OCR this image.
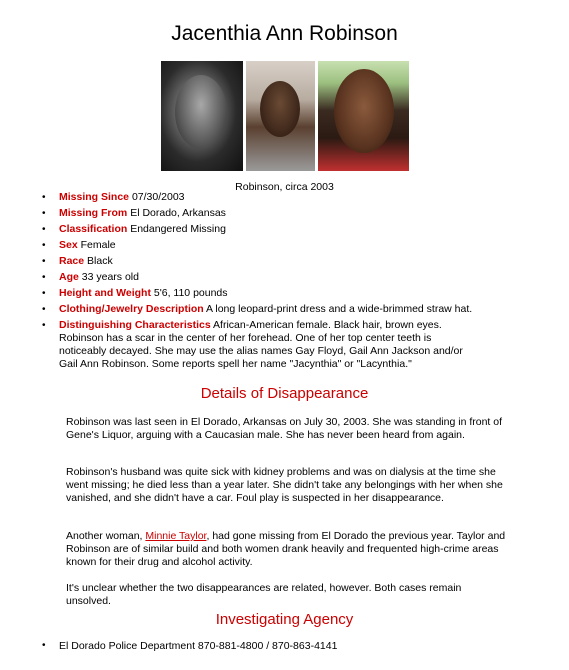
Jacenthia Ann Robinson
Robinson, circa 2003
• Missing Since 07/30/2003
• Missing From El Dorado, Arkansas
• Classification Endangered Missing
• Sex Female
• Race Black
• Age 33 years old
• Height and Weight 5'6, 110 pounds
• Clothing/Jewelry Description A long leopard-print dress and a wide-brimmed straw hat.
• Distinguishing Characteristics African-American female. Black hair, brown eyes. Robinson has a scar in the center of her forehead. One of her top center teeth is noticeably decayed. She may use the alias names Gay Floyd, Gail Ann Jackson and/or Gail Ann Robinson. Some reports spell her name "Jacynthia" or "Lacynthia."
Details of Disappearance

Robinson was last seen in El Dorado, Arkansas on July 30, 2003. She was standing in front of Gene's Liquor, arguing with a Caucasian male. She has never been heard from again.

Robinson's husband was quite sick with kidney problems and was on dialysis at the time she went missing; he died less than a year later. She didn't take any belongings with her when she vanished, and she didn't have a car. Foul play is suspected in her disappearance.

Another woman, Minnie Taylor, had gone missing from El Dorado the previous year. Taylor and Robinson are of similar build and both women drank heavily and frequented high-crime areas known for their drug and alcohol activity.

It's unclear whether the two disappearances are related, however. Both cases remain unsolved.

Investigating Agency
• El Dorado Police Department 870-881-4800 / 870-863-4141
